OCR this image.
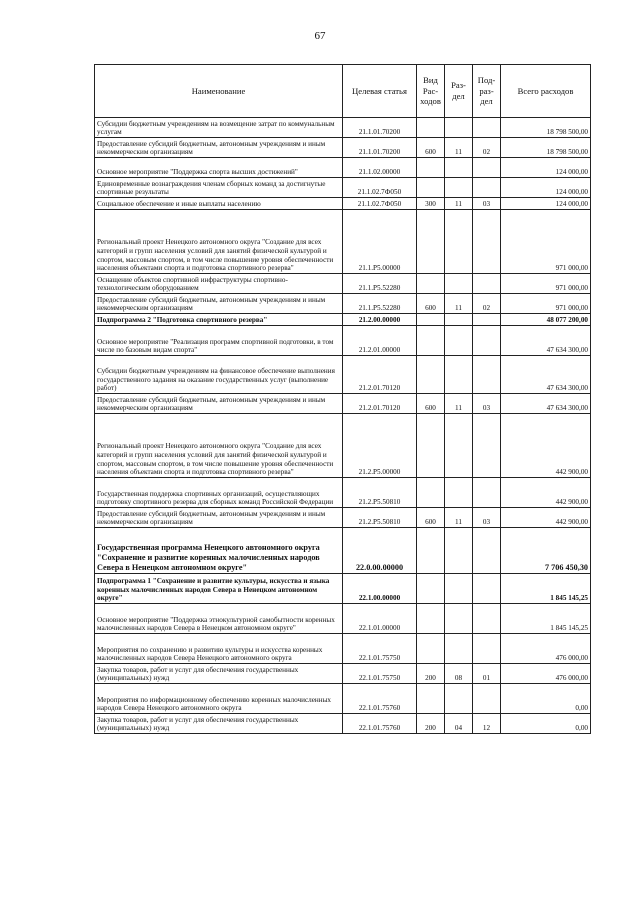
67
Наименование	Целевая статья	Вид Рас- ходов	Раз- дел	Под- раз- дел	Всего расходов
Субсидии бюджетным учреждениям на возмещение затрат по коммунальным услугам	21.1.01.70200				18 798 500,00
Предоставление субсидий бюджетным, автономным учреждениям и иным некоммерческим организациям	21.1.01.70200	600	11	02	18 798 500,00
Основное мероприятие "Поддержка спорта высших достижений"	21.1.02.00000				124 000,00
Единовременные вознаграждения членам сборных команд за достигнутые спортивные результаты	21.1.02.7Ф050				124 000,00
Социальное обеспечение и иные выплаты населению	21.1.02.7Ф050	300	11	03	124 000,00
Региональный проект Ненецкого автономного округа "Создание для всех категорий и групп населения условий для занятий физической культурой и спортом, массовым спортом, в том числе повышение уровня обеспеченности населения объектами спорта и подготовка спортивного резерва"	21.1.P5.00000				971 000,00
Оснащение объектов спортивной инфраструктуры спортивно-технологическим оборудованием	21.1.P5.52280				971 000,00
Предоставление субсидий бюджетным, автономным учреждениям и иным некоммерческим организациям	21.1.P5.52280	600	11	02	971 000,00
Подпрограмма 2 "Подготовка спортивного резерва"	21.2.00.00000				48 077 200,00
Основное мероприятие "Реализация программ спортивной подготовки, в том числе по базовым видам спорта"	21.2.01.00000				47 634 300,00
Субсидии бюджетным учреждениям на финансовое обеспечение выполнения государственного задания на оказание государственных услуг (выполнение работ)	21.2.01.70120				47 634 300,00
Предоставление субсидий бюджетным, автономным учреждениям и иным некоммерческим организациям	21.2.01.70120	600	11	03	47 634 300,00
Региональный проект Ненецкого автономного округа "Создание для всех категорий и групп населения условий для занятий физической культурой и спортом, массовым спортом, в том числе повышение уровня обеспеченности населения объектами спорта и подготовка спортивного резерва"	21.2.P5.00000				442 900,00
Государственная поддержка спортивных организаций, осуществляющих подготовку спортивного резерва для сборных команд Российской Федерации	21.2.P5.50810				442 900,00
Предоставление субсидий бюджетным, автономным учреждениям и иным некоммерческим организациям	21.2.P5.50810	600	11	03	442 900,00
Государственная программа Ненецкого автономного округа "Сохранение и развитие коренных малочисленных народов Севера в Ненецком автономном округе"	22.0.00.00000				7 706 450,30
Подпрограмма 1 "Сохранение и развитие культуры, искусства и языка коренных малочисленных народов Севера в Ненецком автономном округе"	22.1.00.00000				1 845 145,25
Основное мероприятие "Поддержка этнокультурной самобытности коренных малочисленных народов Севера в Ненецком автономном округе"	22.1.01.00000				1 845 145,25
Мероприятия по сохранению и развитию культуры и искусства коренных малочисленных народов Севера Ненецкого автономного округа	22.1.01.75750				476 000,00
Закупка товаров, работ и услуг для обеспечения государственных (муниципальных) нужд	22.1.01.75750	200	08	01	476 000,00
Мероприятия по информационному обеспечению коренных малочисленных народов Севера Ненецкого автономного округа	22.1.01.75760				0,00
Закупка товаров, работ и услуг для обеспечения государственных (муниципальных) нужд	22.1.01.75760	200	04	12	0,00
